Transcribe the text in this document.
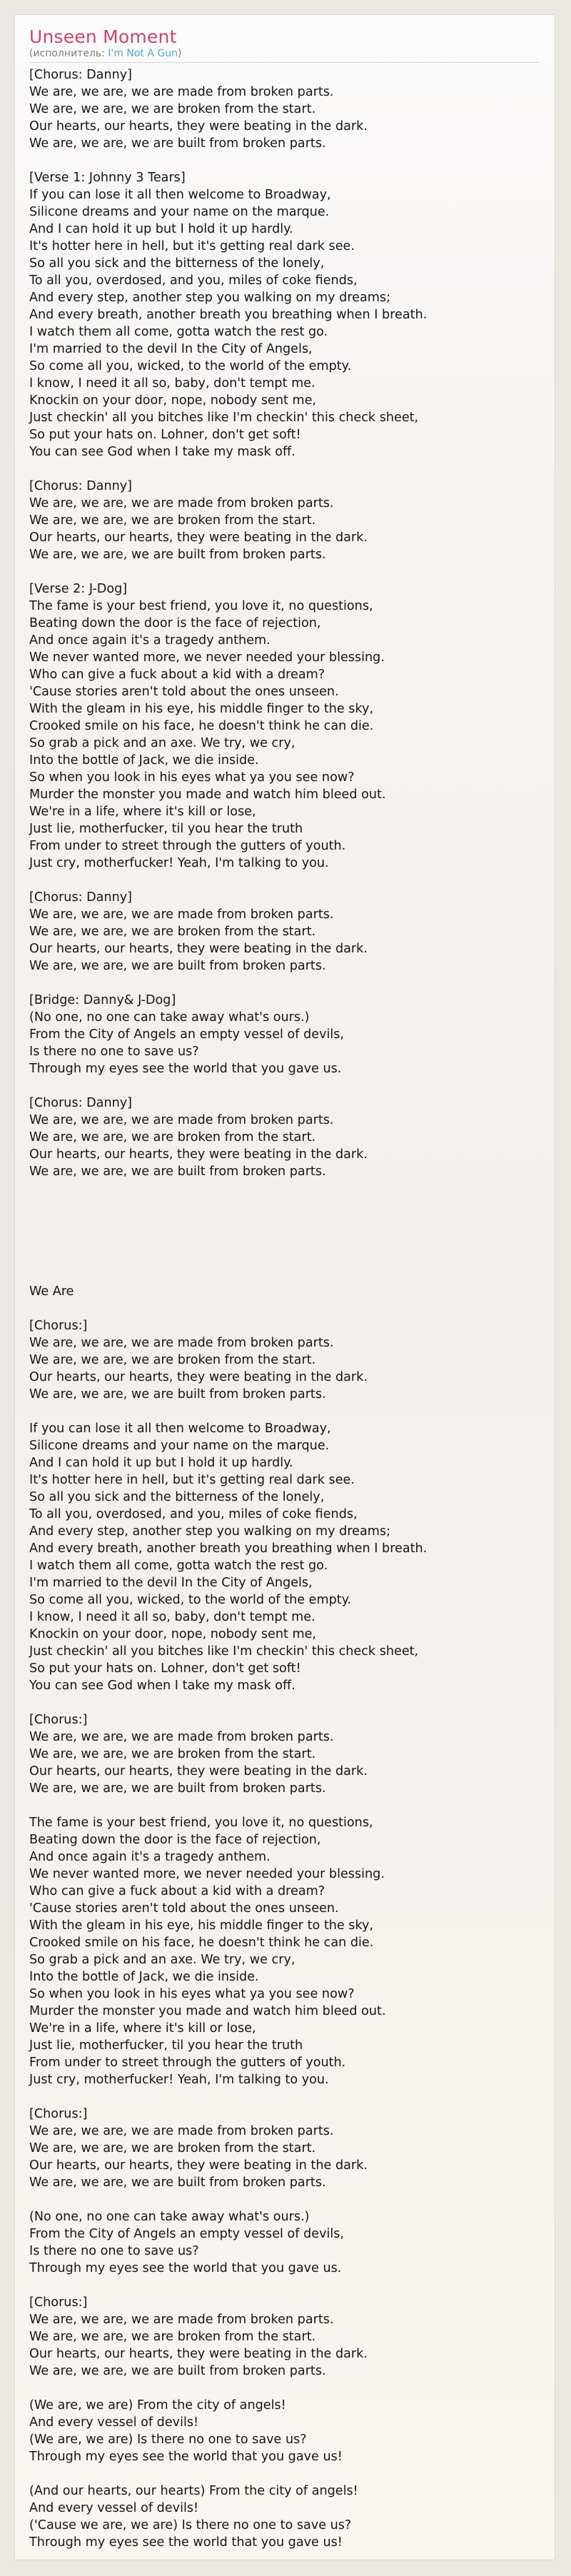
Unseen Moment
(исполнитель: I'm Not A Gun)
[Chorus: Danny]
We are, we are, we are made from broken parts.
We are, we are, we are broken from the start.
Our hearts, our hearts, they were beating in the dark.
We are, we are, we are built from broken parts.
[Verse 1: Johnny 3 Tears]
If you can lose it all then welcome to Broadway,
Silicone dreams and your name on the marque.
And I can hold it up but I hold it up hardly.
It's hotter here in hell, but it's getting real dark see.
So all you sick and the bitterness of the lonely,
To all you, overdosed, and you, miles of coke fiends,
And every step, another step you walking on my dreams;
And every breath, another breath you breathing when I breath.
I watch them all come, gotta watch the rest go.
I'm married to the devil In the City of Angels,
So come all you, wicked, to the world of the empty.
I know, I need it all so, baby, don't tempt me.
Knockin on your door, nope, nobody sent me,
Just checkin' all you bitches like I'm checkin' this check sheet,
So put your hats on. Lohner, don't get soft!
You can see God when I take my mask off.
[Chorus: Danny]
We are, we are, we are made from broken parts.
We are, we are, we are broken from the start.
Our hearts, our hearts, they were beating in the dark.
We are, we are, we are built from broken parts.
[Verse 2: J-Dog]
The fame is your best friend, you love it, no questions,
Beating down the door is the face of rejection,
And once again it's a tragedy anthem.
We never wanted more, we never needed your blessing.
Who can give a fuck about a kid with a dream?
'Cause stories aren't told about the ones unseen.
With the gleam in his eye, his middle finger to the sky,
Crooked smile on his face, he doesn't think he can die.
So grab a pick and an axe. We try, we cry,
Into the bottle of Jack, we die inside.
So when you look in his eyes what ya you see now?
Murder the monster you made and watch him bleed out.
We're in a life, where it's kill or lose,
Just lie, motherfucker, til you hear the truth
From under to street through the gutters of youth.
Just cry, motherfucker! Yeah, I'm talking to you.
[Chorus: Danny]
We are, we are, we are made from broken parts.
We are, we are, we are broken from the start.
Our hearts, our hearts, they were beating in the dark.
We are, we are, we are built from broken parts.
[Bridge: Danny& J-Dog]
(No one, no one can take away what's ours.)
From the City of Angels an empty vessel of devils,
Is there no one to save us?
Through my eyes see the world that you gave us.
[Chorus: Danny]
We are, we are, we are made from broken parts.
We are, we are, we are broken from the start.
Our hearts, our hearts, they were beating in the dark.
We are, we are, we are built from broken parts.
We Are
[Chorus:]
We are, we are, we are made from broken parts.
We are, we are, we are broken from the start.
Our hearts, our hearts, they were beating in the dark.
We are, we are, we are built from broken parts.
If you can lose it all then welcome to Broadway,
Silicone dreams and your name on the marque.
And I can hold it up but I hold it up hardly.
It's hotter here in hell, but it's getting real dark see.
So all you sick and the bitterness of the lonely,
To all you, overdosed, and you, miles of coke fiends,
And every step, another step you walking on my dreams;
And every breath, another breath you breathing when I breath.
I watch them all come, gotta watch the rest go.
I'm married to the devil In the City of Angels,
So come all you, wicked, to the world of the empty.
I know, I need it all so, baby, don't tempt me.
Knockin on your door, nope, nobody sent me,
Just checkin' all you bitches like I'm checkin' this check sheet,
So put your hats on. Lohner, don't get soft!
You can see God when I take my mask off.
[Chorus:]
We are, we are, we are made from broken parts.
We are, we are, we are broken from the start.
Our hearts, our hearts, they were beating in the dark.
We are, we are, we are built from broken parts.
The fame is your best friend, you love it, no questions,
Beating down the door is the face of rejection,
And once again it's a tragedy anthem.
We never wanted more, we never needed your blessing.
Who can give a fuck about a kid with a dream?
'Cause stories aren't told about the ones unseen.
With the gleam in his eye, his middle finger to the sky,
Crooked smile on his face, he doesn't think he can die.
So grab a pick and an axe. We try, we cry,
Into the bottle of Jack, we die inside.
So when you look in his eyes what ya you see now?
Murder the monster you made and watch him bleed out.
We're in a life, where it's kill or lose,
Just lie, motherfucker, til you hear the truth
From under to street through the gutters of youth.
Just cry, motherfucker! Yeah, I'm talking to you.
[Chorus:]
We are, we are, we are made from broken parts.
We are, we are, we are broken from the start.
Our hearts, our hearts, they were beating in the dark.
We are, we are, we are built from broken parts.
(No one, no one can take away what's ours.)
From the City of Angels an empty vessel of devils,
Is there no one to save us?
Through my eyes see the world that you gave us.
[Chorus:]
We are, we are, we are made from broken parts.
We are, we are, we are broken from the start.
Our hearts, our hearts, they were beating in the dark.
We are, we are, we are built from broken parts.
(We are, we are) From the city of angels!
And every vessel of devils!
(We are, we are) Is there no one to save us?
Through my eyes see the world that you gave us!
(And our hearts, our hearts) From the city of angels!
And every vessel of devils!
('Cause we are, we are) Is there no one to save us?
Through my eyes see the world that you gave us!
